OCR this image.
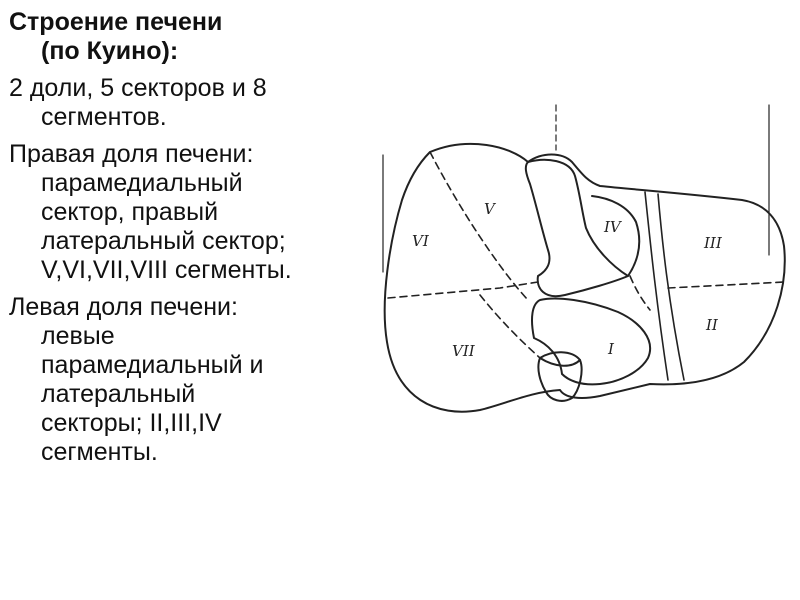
Строение печени
(по Куино):

2 доли, 5 секторов и 8
сегментов.

Правая доля печени:
парамедиальный
сектор, правый
латеральный сектор;
V,VI,VII,VIII сегменты.

Левая доля печени:
левые
парамедиальный и
латеральный
секторы; II,III,IV
сегменты.

V
VI
VII
IV
III
II
I
